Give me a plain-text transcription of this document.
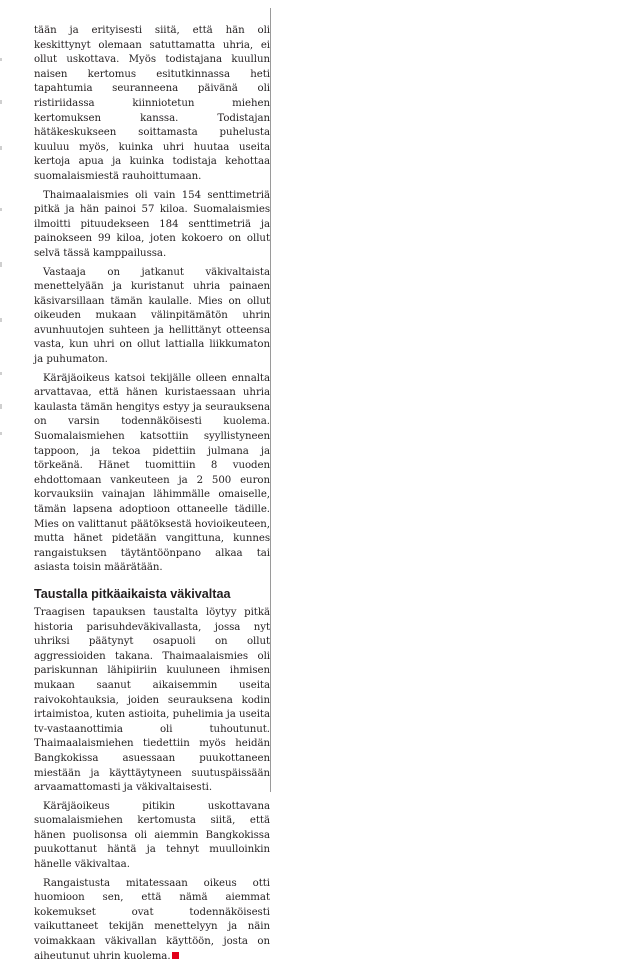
tään ja erityisesti siitä, että hän oli keskittynyt olemaan satuttamatta uhria, ei ollut uskottava. Myös todistajana kuullun naisen kertomus esitutkinnassa heti tapahtumia seuranneena päivänä oli ristiriidassa kiinniotetun miehen kertomuksen kanssa. Todistajan hätäkeskukseen soittamasta puhelusta kuuluu myös, kuinka uhri huutaa useita kertoja apua ja kuinka todistaja kehottaa suomalaismiestä rauhoittumaan.

Thaimaalaismies oli vain 154 senttimetriä pitkä ja hän painoi 57 kiloa. Suomalaismies ilmoitti pituudekseen 184 senttimetriä ja painokseen 99 kiloa, joten kokoero on ollut selvä tässä kamppailussa.

Vastaaja on jatkanut väkivaltaista menettelyään ja kuristanut uhria painaen käsivarsillaan tämän kaulalle. Mies on ollut oikeuden mukaan välinpitämätön uhrin avunhuutojen suhteen ja hellittänyt otteensa vasta, kun uhri on ollut lattialla liikkumaton ja puhumaton.

Käräjäoikeus katsoi tekijälle olleen ennalta arvattavaa, että hänen kuristaessaan uhria kaulasta tämän hengitys estyy ja seurauksena on varsin todennäköisesti kuolema. Suomalaismiehen katsottiin syyllistyneen tappoon, ja tekoa pidettiin julmana ja törkeänä. Hänet tuomittiin 8 vuoden ehdottomaan vankeuteen ja 2 500 euron korvauksiin vainajan lähimmälle omaiselle, tämän lapsena adoptioon ottaneelle tädille. Mies on valittanut päätöksestä hovioikeuteen, mutta hänet pidetään vangittuna, kunnes rangaistuksen täytäntöönpano alkaa tai asiasta toisin määrätään.

Taustalla pitkäaikaista väkivaltaa

Traagisen tapauksen taustalta löytyy pitkä historia parisuhdeväkivallasta, jossa nyt uhriksi päätynyt osapuoli on ollut aggressioiden takana. Thaimaalaismies oli pariskunnan lähipiiriin kuuluneen ihmisen mukaan saanut aikaisemmin useita raivokohtauksia, joiden seurauksena kodin irtaimistoa, kuten astioita, puhelimia ja useita tv-vastaanottimia oli tuhoutunut. Thaimaalaismiehen tiedettiin myös heidän Bangkokissa asuessaan puukottaneen miestään ja käyttäytyneen suutuspäissään arvaamattomasti ja väkivaltaisesti.

Käräjäoikeus pitikin uskottavana suomalaismiehen kertomusta siitä, että hänen puolisonsa oli aiemmin Bangkokissa puukottanut häntä ja tehnyt muulloinkin hänelle väkivaltaa.

Rangaistusta mitatessaan oikeus otti huomioon sen, että nämä aiemmat kokemukset ovat todennäköisesti vaikuttaneet tekijän menettelyyn ja näin voimakkaan väkivallan käyttöön, josta on aiheutunut uhrin kuolema.
